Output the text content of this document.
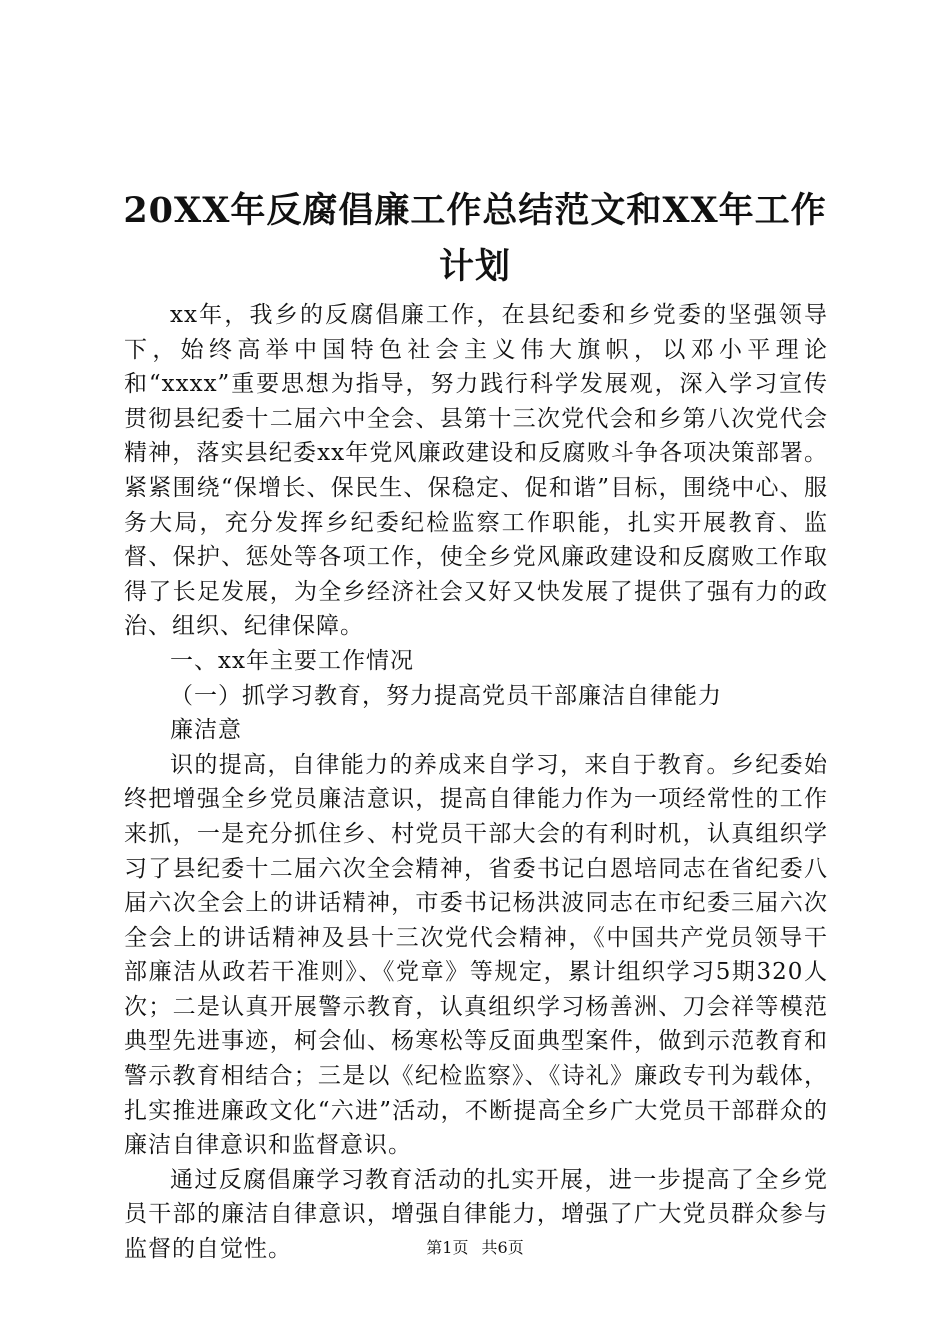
20XX年反腐倡廉工作总结范文和XX年工作计划

xx年，我乡的反腐倡廉工作，在县纪委和乡党委的坚强领导下，始终高举中国特色社会主义伟大旗帜，以邓小平理论和“xxxx”重要思想为指导，努力践行科学发展观，深入学习宣传贯彻县纪委十二届六中全会、县第十三次党代会和乡第八次党代会精神，落实县纪委xx年党风廉政建设和反腐败斗争各项决策部署。紧紧围绕“保增长、保民生、保稳定、促和谐”目标，围绕中心、服务大局，充分发挥乡纪委纪检监察工作职能，扎实开展教育、监督、保护、惩处等各项工作，使全乡党风廉政建设和反腐败工作取得了长足发展，为全乡经济社会又好又快发展了提供了强有力的政治、组织、纪律保障。

一、xx年主要工作情况

（一）抓学习教育，努力提高党员干部廉洁自律能力

廉洁意

识的提高，自律能力的养成来自学习，来自于教育。乡纪委始终把增强全乡党员廉洁意识，提高自律能力作为一项经常性的工作来抓，一是充分抓住乡、村党员干部大会的有利时机，认真组织学习了县纪委十二届六次全会精神，省委书记白恩培同志在省纪委八届六次全会上的讲话精神，市委书记杨洪波同志在市纪委三届六次全会上的讲话精神及县十三次党代会精神，《中国共产党员领导干部廉洁从政若干准则》、《党章》等规定，累计组织学习5期320人次；二是认真开展警示教育，认真组织学习杨善洲、刀会祥等模范典型先进事迹，柯会仙、杨寒松等反面典型案件，做到示范教育和警示教育相结合；三是以《纪检监察》、《诗礼》廉政专刊为载体，扎实推进廉政文化“六进”活动，不断提高全乡广大党员干部群众的廉洁自律意识和监督意识。

通过反腐倡廉学习教育活动的扎实开展，进一步提高了全乡党员干部的廉洁自律意识，增强自律能力，增强了广大党员群众参与监督的自觉性。	第1页 共6页
